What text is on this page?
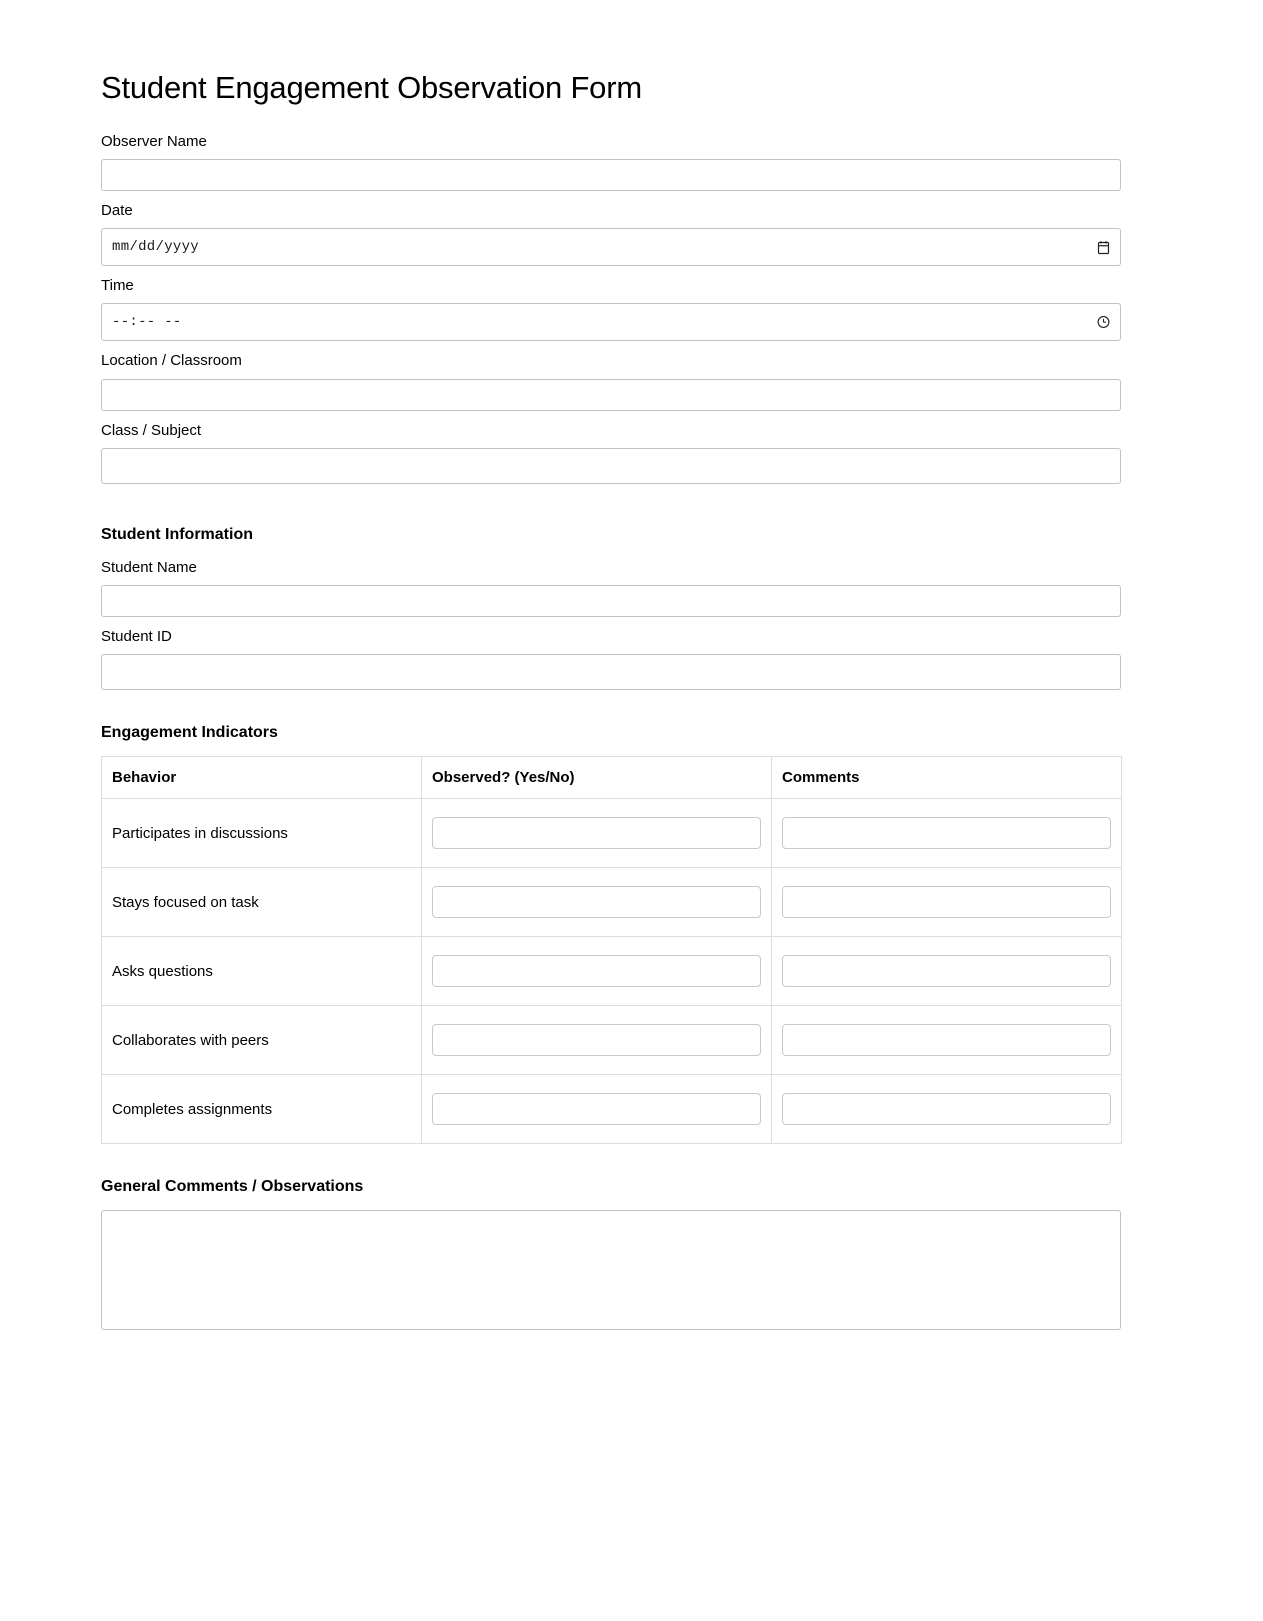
Student Engagement Observation Form
Observer Name
Date
mm/dd/yyyy
Time
--:-- --
Location / Classroom
Class / Subject
Student Information
Student Name
Student ID
Engagement Indicators
Behavior	Observed? (Yes/No)	Comments
Participates in discussions		
Stays focused on task		
Asks questions		
Collaborates with peers		
Completes assignments		
General Comments / Observations
